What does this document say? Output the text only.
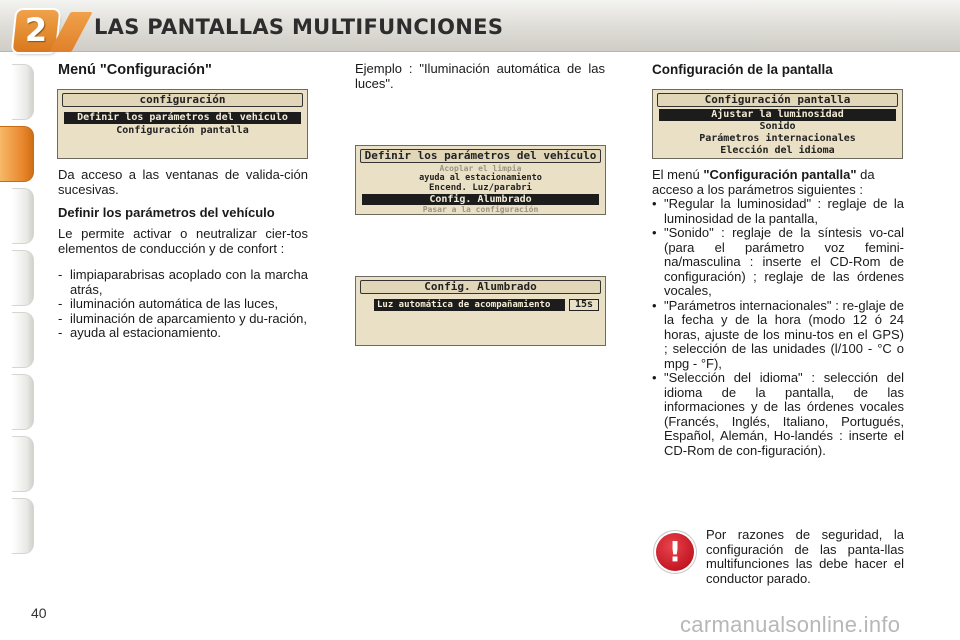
2	LAS PANTALLAS MULTIFUNCIONES
Menú "Configuración"
configuración
Definir los parámetros del vehículo
Configuración pantalla
Da acceso a las ventanas de valida-ción sucesivas.
Definir los parámetros del vehículo
Le permite activar o neutralizar cier-tos elementos de conducción y de confort :
- limpiaparabrisas acoplado con la marcha atrás,
- iluminación automática de las luces,
- iluminación de aparcamiento y du-ración,
- ayuda al estacionamiento.
Ejemplo : "Iluminación automática de las luces".
Definir los parámetros del vehículo
Acoplar el limpia
ayuda al estacionamiento
Encend. Luz/parabri
Config. Alumbrado
Pasar a la configuración
Config. Alumbrado
Luz automática de acompañamiento	15s
Configuración de la pantalla
Configuración pantalla
Ajustar la luminosidad
Sonido
Parámetros internacionales
Elección del idioma
El menú "Configuración pantalla" da acceso a los parámetros siguientes :
• "Regular la luminosidad" : reglaje de la luminosidad de la pantalla,
• "Sonido" : reglaje de la síntesis vo-cal (para el parámetro voz femini-na/masculina : inserte el CD-Rom de configuración) ; reglaje de las órdenes vocales,
• "Parámetros internacionales" : re-glaje de la fecha y de la hora (modo 12 ó 24 horas, ajuste de los minu-tos en el GPS) ; selección de las unidades (l/100 - °C o mpg - °F),
• "Selección del idioma" : selección del idioma de la pantalla, de las informaciones y de las órdenes vocales (Francés, Inglés, Italiano, Portugués, Español, Alemán, Ho-landés : inserte el CD-Rom de con-figuración).
!
Por razones de seguridad, la configuración de las panta-llas multifunciones las debe hacer el conductor parado.
40	carmanualsonline.info
